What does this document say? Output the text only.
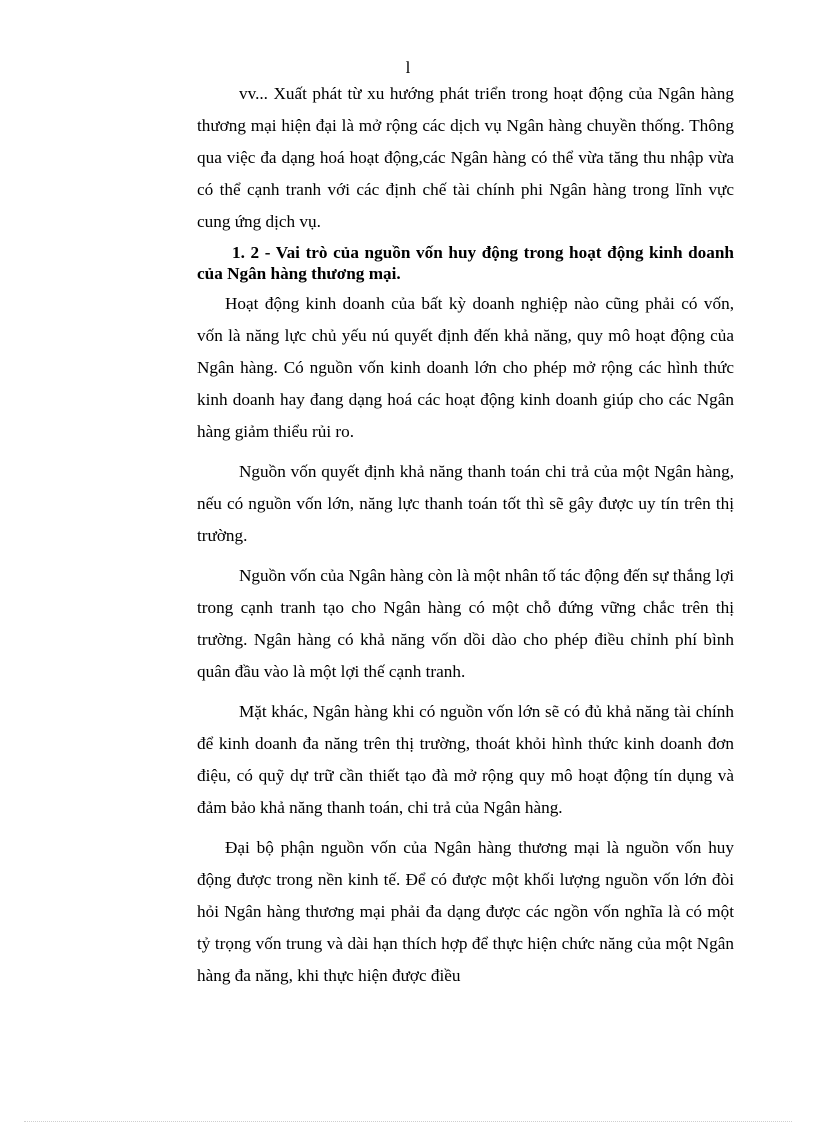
l

vv... Xuất phát từ xu hướng phát triển trong hoạt động của Ngân hàng thương mại hiện đại là mở rộng các dịch vụ Ngân hàng chuyền thống. Thông qua việc đa dạng hoá hoạt động,các Ngân hàng có thể vừa tăng thu nhập vừa có thể cạnh tranh với các định chế tài chính phi Ngân hàng trong lĩnh vực cung ứng dịch vụ.

1. 2 - Vai trò của nguồn vốn huy động trong hoạt động kinh doanh của Ngân hàng thương mại.

Hoạt động kinh doanh của bất kỳ doanh nghiệp nào cũng phải có vốn, vốn là năng lực chủ yếu nú quyết định đến khả năng, quy mô hoạt động của Ngân hàng. Có nguồn vốn kinh doanh lớn cho phép mở rộng các hình thức kinh doanh hay đang dạng hoá các hoạt động kinh doanh giúp cho các Ngân hàng giảm thiểu rủi ro.

Nguồn vốn quyết định khả năng thanh toán chi trả của một Ngân hàng, nếu có nguồn vốn lớn, năng lực thanh toán tốt thì sẽ gây được uy tín trên thị trường.

Nguồn vốn của Ngân hàng còn là một nhân tố tác động đến sự thắng lợi trong cạnh tranh tạo cho Ngân hàng có một chỗ đứng vững chắc trên thị trường. Ngân hàng có khả năng vốn dồi dào cho phép điều chỉnh phí bình quân đầu vào là một lợi thế cạnh tranh.

Mặt khác, Ngân hàng khi có nguồn vốn lớn sẽ có đủ khả năng tài chính để kinh doanh đa năng trên thị trường, thoát khỏi hình thức kinh doanh đơn điệu, có quỹ dự trữ cần thiết tạo đà mở rộng quy mô hoạt động tín dụng và đảm bảo khả năng thanh toán, chi trả của Ngân hàng.

Đại bộ phận nguồn vốn của Ngân hàng thương mại là nguồn vốn huy động được trong nền kinh tế. Để có được một khối lượng nguồn vốn lớn đòi hỏi Ngân hàng thương mại phải đa dạng được các ngồn vốn nghĩa là có một tỷ trọng vốn trung và dài hạn thích hợp để thực hiện chức năng của một Ngân hàng đa năng, khi thực hiện được điều
